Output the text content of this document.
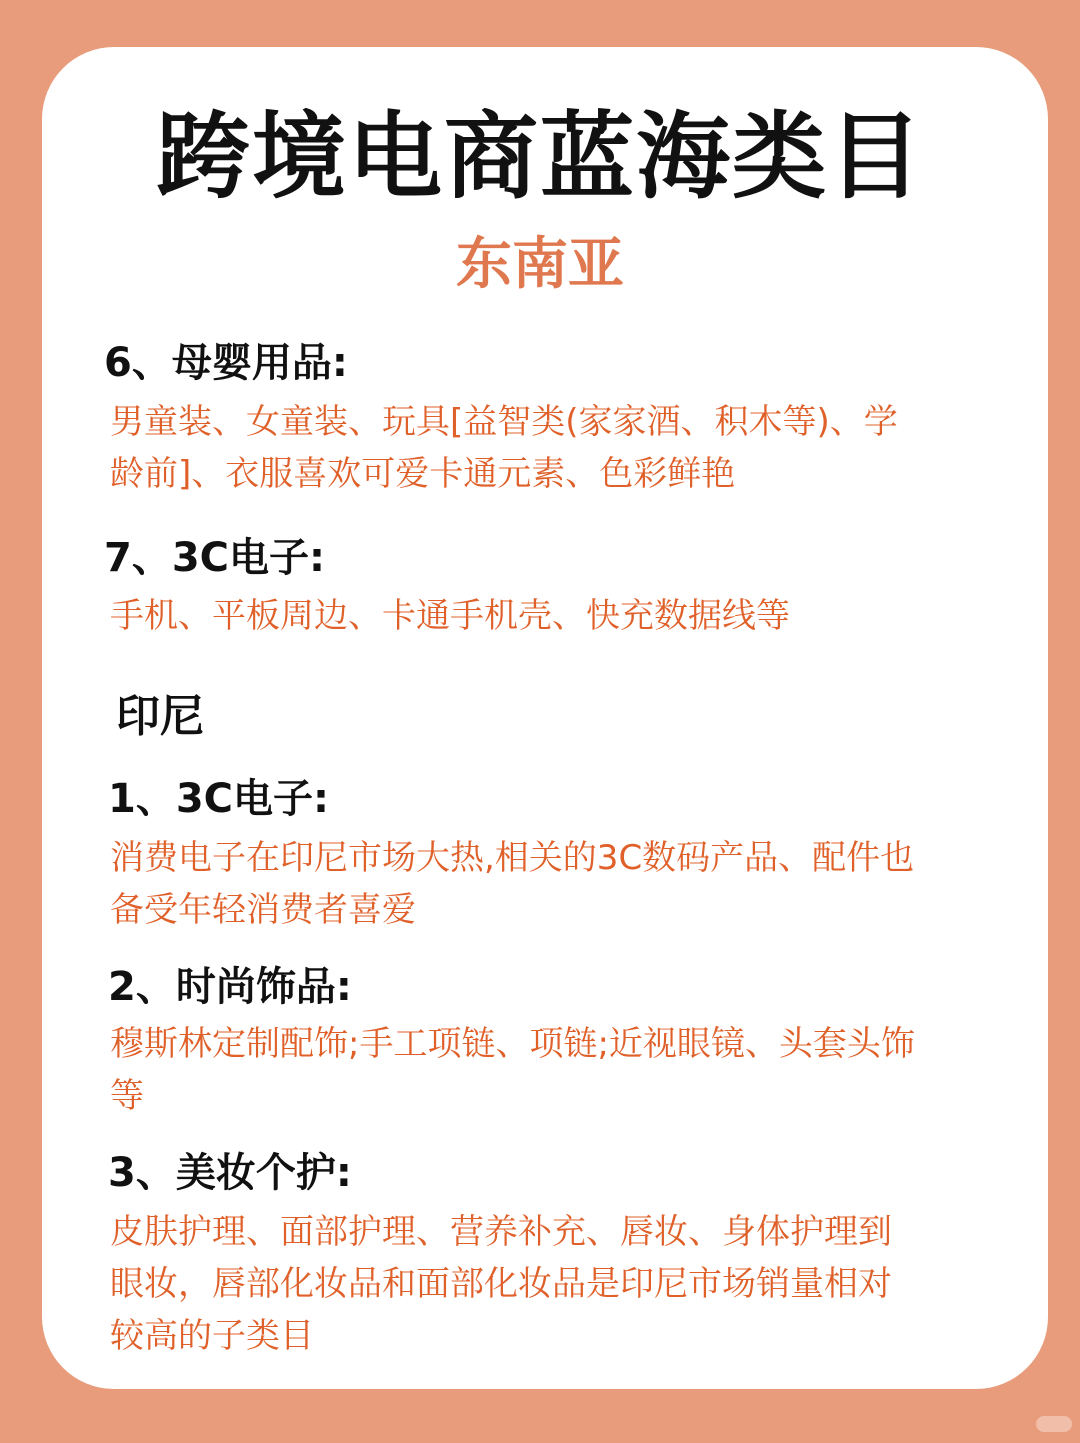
跨境电商蓝海类目
东南亚
6、母婴用品:

男童装、女童装、玩具[益智类(家家酒、积木等)、学
龄前]、衣服喜欢可爱卡通元素、色彩鲜艳

7、3C电子:

手机、平板周边、卡通手机壳、快充数据线等

印尼
1、3C电子:

消费电子在印尼市场大热,相关的3C数码产品、配件也
备受年轻消费者喜爱

2、时尚饰品:

穆斯林定制配饰;手工项链、项链;近视眼镜、头套头饰
等

3、美妆个护:

皮肤护理、面部护理、营养补充、唇妆、身体护理到
眼妆，唇部化妆品和面部化妆品是印尼市场销量相对
较高的子类目
